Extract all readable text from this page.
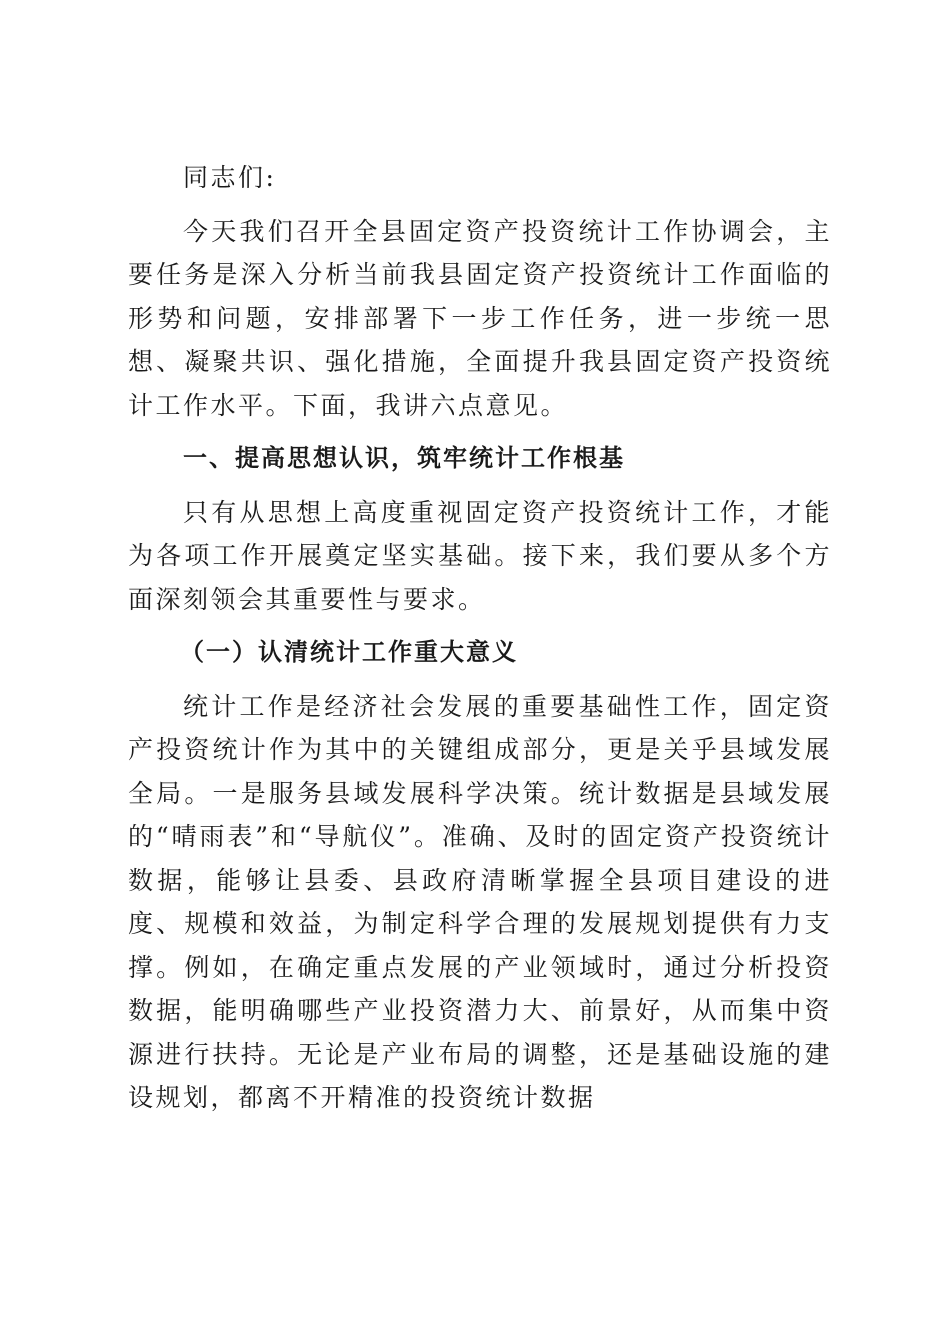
同志们:

今天我们召开全县固定资产投资统计工作协调会，主要任务是深入分析当前我县固定资产投资统计工作面临的形势和问题，安排部署下一步工作任务，进一步统一思想、凝聚共识、强化措施，全面提升我县固定资产投资统计工作水平。下面，我讲六点意见。

一、提高思想认识，筑牢统计工作根基

只有从思想上高度重视固定资产投资统计工作，才能为各项工作开展奠定坚实基础。接下来，我们要从多个方面深刻领会其重要性与要求。

（一）认清统计工作重大意义

统计工作是经济社会发展的重要基础性工作，固定资产投资统计作为其中的关键组成部分，更是关乎县域发展全局。一是服务县域发展科学决策。统计数据是县域发展的“晴雨表”和“导航仪”。准确、及时的固定资产投资统计数据，能够让县委、县政府清晰掌握全县项目建设的进度、规模和效益，为制定科学合理的发展规划提供有力支撑。例如，在确定重点发展的产业领域时，通过分析投资数据，能明确哪些产业投资潜力大、前景好，从而集中资源进行扶持。无论是产业布局的调整，还是基础设施的建设规划，都离不开精准的投资统计数据
